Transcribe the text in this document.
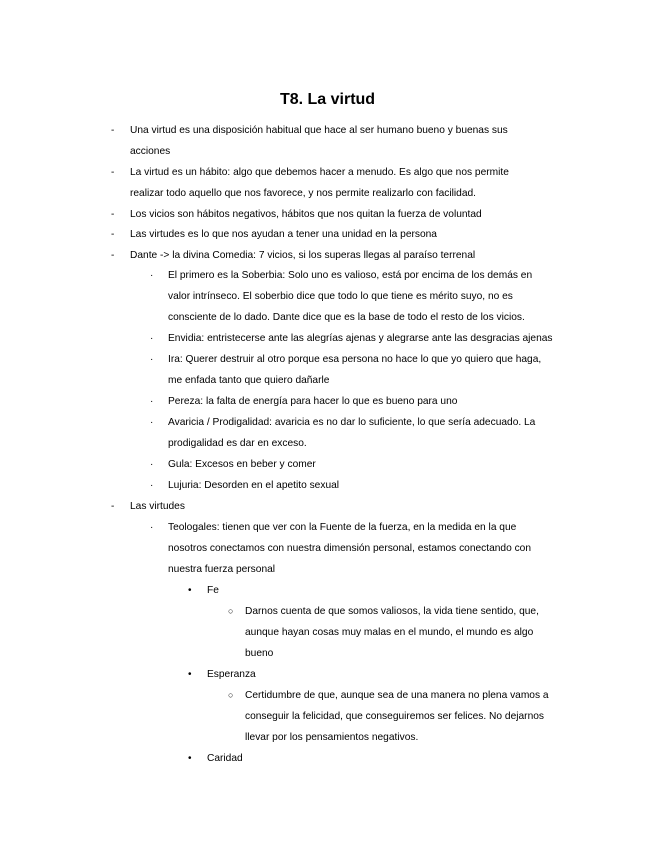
T8. La virtud
- Una virtud es una disposición habitual que hace al ser humano bueno y buenas sus
acciones
- La virtud es un hábito: algo que debemos hacer a menudo. Es algo que nos permite
realizar todo aquello que nos favorece, y nos permite realizarlo con facilidad.
- Los vicios son hábitos negativos, hábitos que nos quitan la fuerza de voluntad
- Las virtudes es lo que nos ayudan a tener una unidad en la persona
- Dante -> la divina Comedia: 7 vicios, si los superas llegas al paraíso terrenal
· El primero es la Soberbia: Solo uno es valioso, está por encima de los demás en
valor intrínseco. El soberbio dice que todo lo que tiene es mérito suyo, no es
consciente de lo dado. Dante dice que es la base de todo el resto de los vicios.
· Envidia: entristecerse ante las alegrías ajenas y alegrarse ante las desgracias ajenas
· Ira: Querer destruir al otro porque esa persona no hace lo que yo quiero que haga,
me enfada tanto que quiero dañarle
· Pereza: la falta de energía para hacer lo que es bueno para uno
· Avaricia / Prodigalidad: avaricia es no dar lo suficiente, lo que sería adecuado. La
prodigalidad es dar en exceso.
· Gula: Excesos en beber y comer
· Lujuria: Desorden en el apetito sexual
- Las virtudes
· Teologales: tienen que ver con la Fuente de la fuerza, en la medida en la que
nosotros conectamos con nuestra dimensión personal, estamos conectando con
nuestra fuerza personal
• Fe
○ Darnos cuenta de que somos valiosos, la vida tiene sentido, que,
aunque hayan cosas muy malas en el mundo, el mundo es algo
bueno
• Esperanza
○ Certidumbre de que, aunque sea de una manera no plena vamos a
conseguir la felicidad, que conseguiremos ser felices. No dejarnos
llevar por los pensamientos negativos.
• Caridad
